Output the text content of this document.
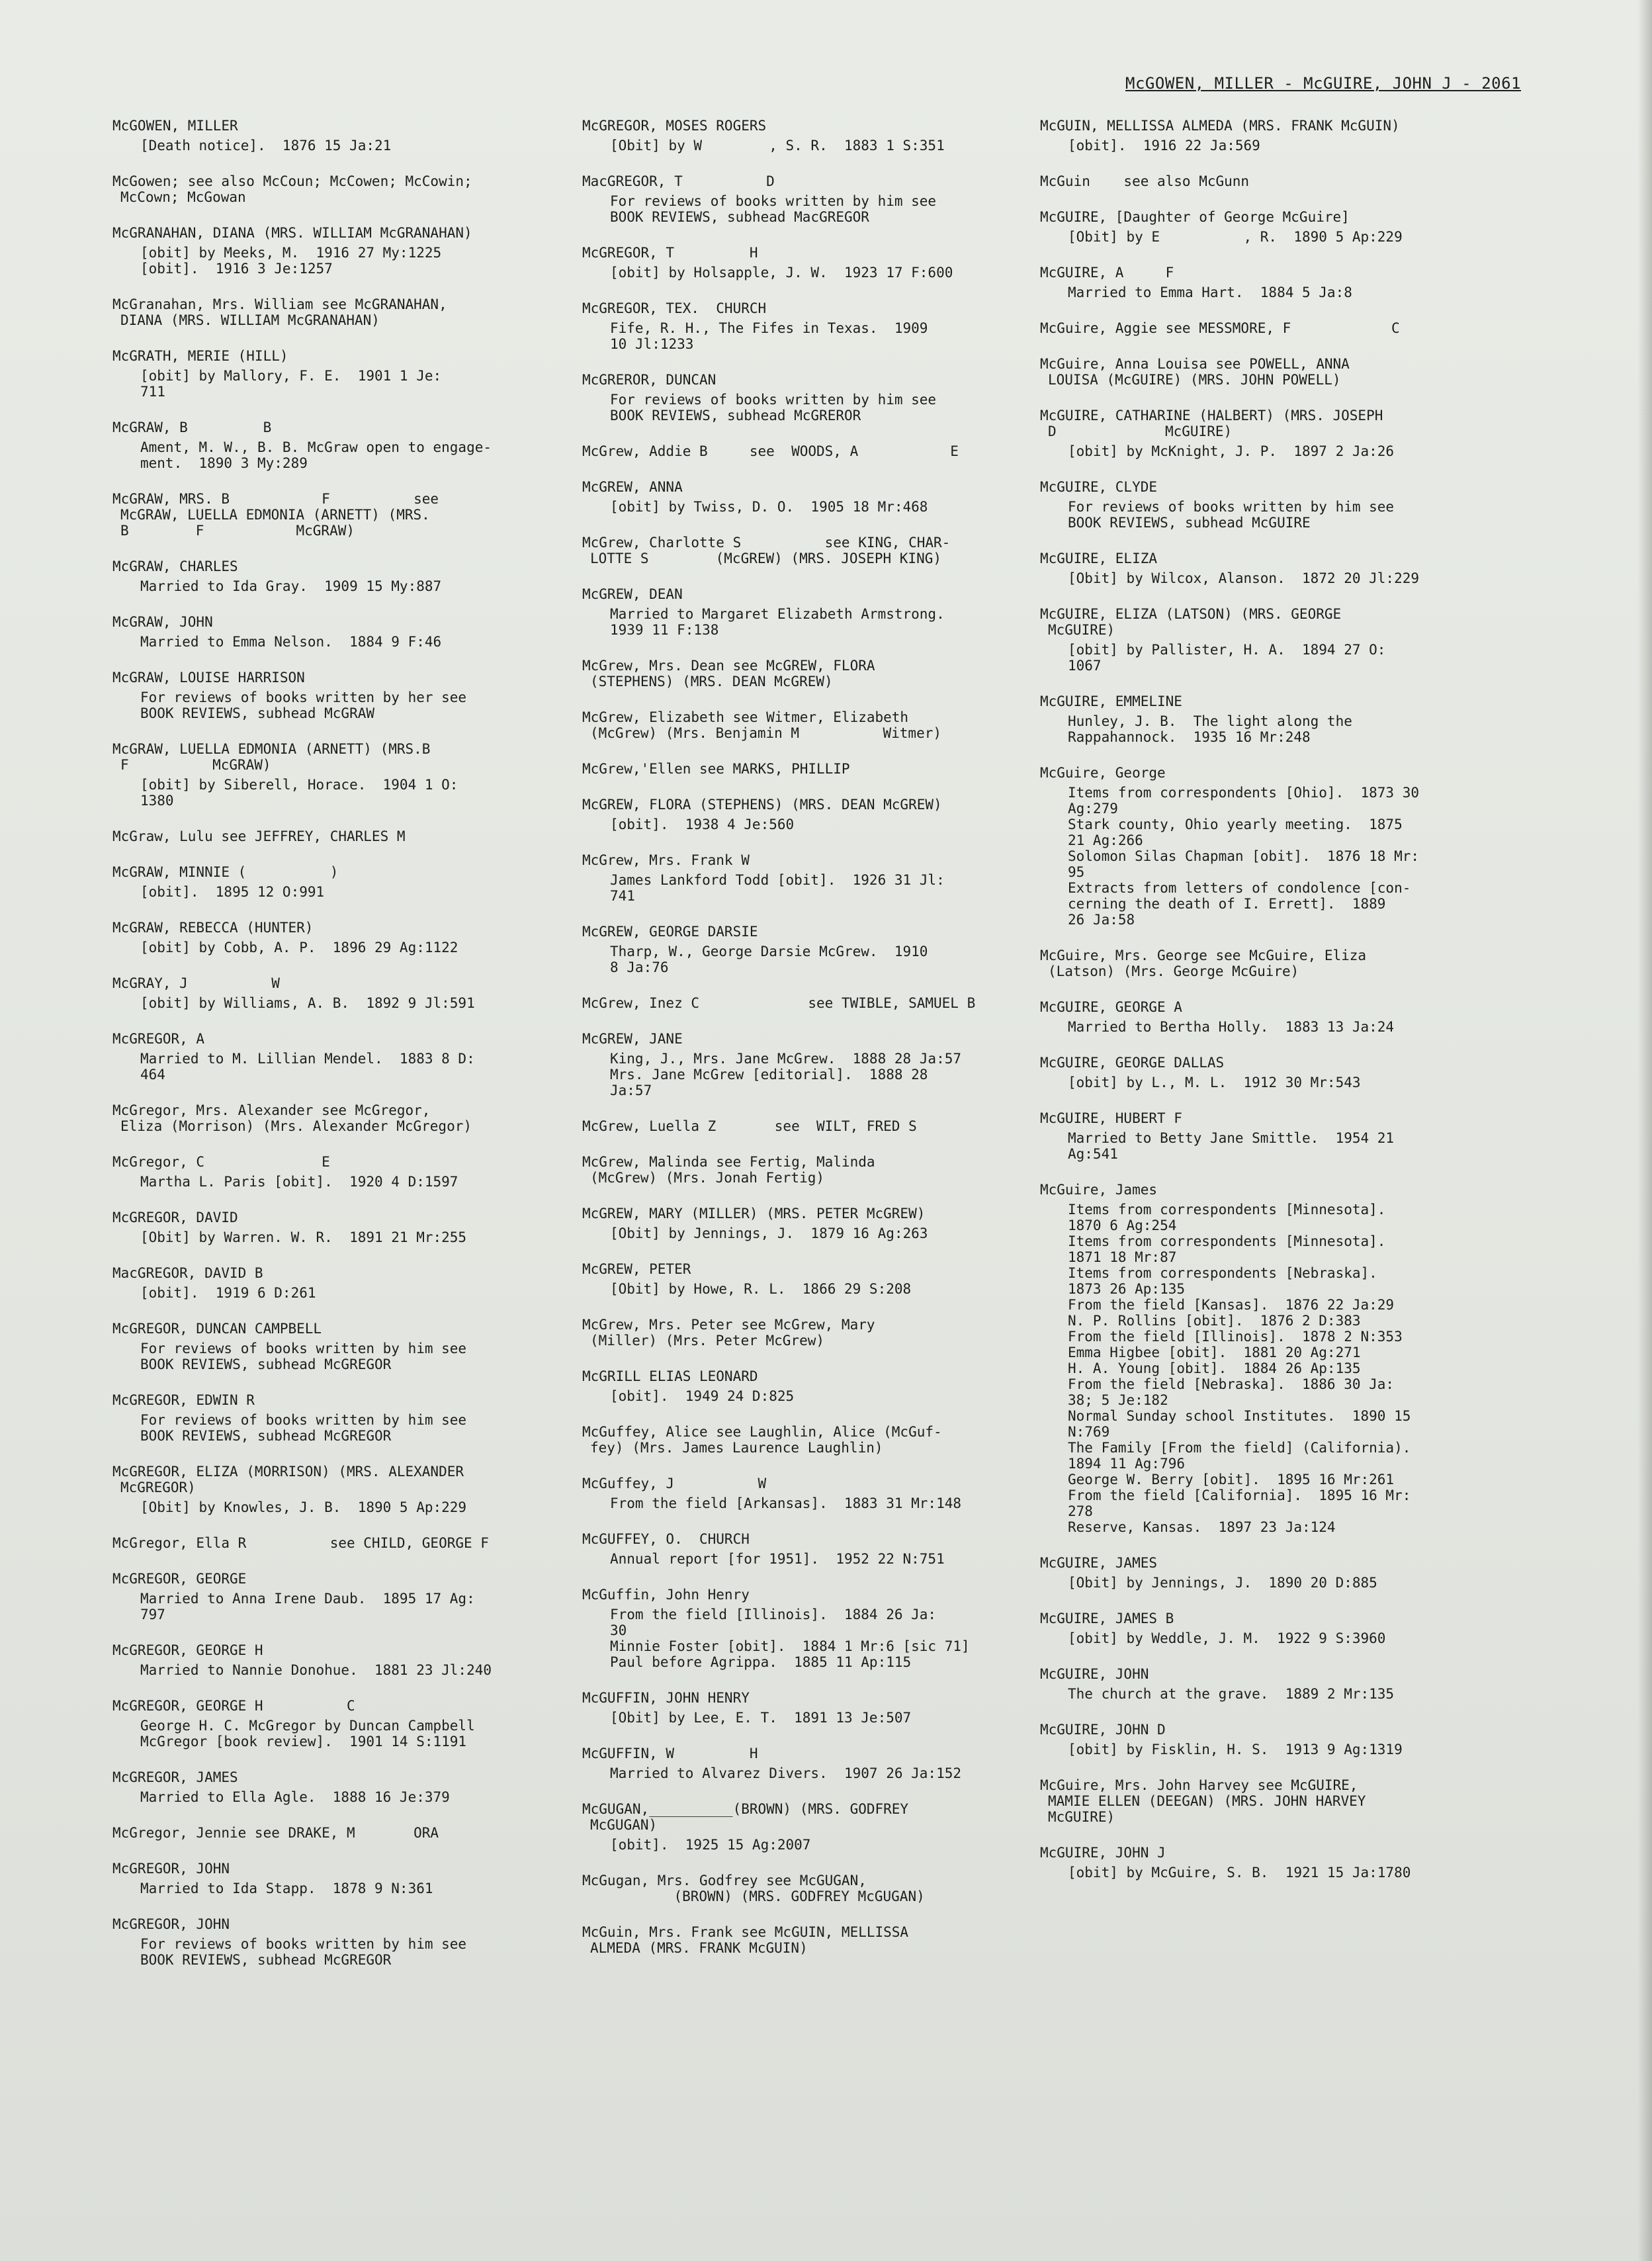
McGOWEN, MILLER - McGUIRE, JOHN J - 2061
McGOWEN, MILLER
[Death notice].  1876 15 Ja:21
McGowen; see also McCoun; McCowen; McCowin;
McCown; McGowan
McGRANAHAN, DIANA (MRS. WILLIAM McGRANAHAN)
[obit] by Meeks, M.  1916 27 My:1225
[obit].  1916 3 Je:1257
McGranahan, Mrs. William see McGRANAHAN,
DIANA (MRS. WILLIAM McGRANAHAN)
McGRATH, MERIE (HILL)
[obit] by Mallory, F. E.  1901 1 Je:
711
McGRAW, B         B
Ament, M. W., B. B. McGraw open to engage-
ment.  1890 3 My:289
McGRAW, MRS. B           F          see
McGRAW, LUELLA EDMONIA (ARNETT) (MRS.
B        F           McGRAW)
McGRAW, CHARLES
Married to Ida Gray.  1909 15 My:887
McGRAW, JOHN
Married to Emma Nelson.  1884 9 F:46
McGRAW, LOUISE HARRISON
For reviews of books written by her see
BOOK REVIEWS, subhead McGRAW
McGRAW, LUELLA EDMONIA (ARNETT) (MRS.B
F          McGRAW)
[obit] by Siberell, Horace.  1904 1 O:
1380
McGraw, Lulu see JEFFREY, CHARLES M
McGRAW, MINNIE (          )
[obit].  1895 12 O:991
McGRAW, REBECCA (HUNTER)
[obit] by Cobb, A. P.  1896 29 Ag:1122
McGRAY, J          W
[obit] by Williams, A. B.  1892 9 Jl:591
McGREGOR, A
Married to M. Lillian Mendel.  1883 8 D:
464
McGregor, Mrs. Alexander see McGregor,
Eliza (Morrison) (Mrs. Alexander McGregor)
McGregor, C              E
Martha L. Paris [obit].  1920 4 D:1597
McGREGOR, DAVID
[Obit] by Warren. W. R.  1891 21 Mr:255
MacGREGOR, DAVID B
[obit].  1919 6 D:261
McGREGOR, DUNCAN CAMPBELL
For reviews of books written by him see
BOOK REVIEWS, subhead McGREGOR
McGREGOR, EDWIN R
For reviews of books written by him see
BOOK REVIEWS, subhead McGREGOR
McGREGOR, ELIZA (MORRISON) (MRS. ALEXANDER
McGREGOR)
[Obit] by Knowles, J. B.  1890 5 Ap:229
McGregor, Ella R          see CHILD, GEORGE F
McGREGOR, GEORGE
Married to Anna Irene Daub.  1895 17 Ag:
797
McGREGOR, GEORGE H
Married to Nannie Donohue.  1881 23 Jl:240
McGREGOR, GEORGE H          C
George H. C. McGregor by Duncan Campbell
McGregor [book review].  1901 14 S:1191
McGREGOR, JAMES
Married to Ella Agle.  1888 16 Je:379
McGregor, Jennie see DRAKE, M       ORA
McGREGOR, JOHN
Married to Ida Stapp.  1878 9 N:361
McGREGOR, JOHN
For reviews of books written by him see
BOOK REVIEWS, subhead McGREGOR
McGREGOR, MOSES ROGERS
[Obit] by W        , S. R.  1883 1 S:351
MacGREGOR, T          D
For reviews of books written by him see
BOOK REVIEWS, subhead MacGREGOR
McGREGOR, T         H
[obit] by Holsapple, J. W.  1923 17 F:600
McGREGOR, TEX.  CHURCH
Fife, R. H., The Fifes in Texas.  1909
10 Jl:1233
McGREROR, DUNCAN
For reviews of books written by him see
BOOK REVIEWS, subhead McGREROR
McGrew, Addie B     see  WOODS, A           E
McGREW, ANNA
[obit] by Twiss, D. O.  1905 18 Mr:468
McGrew, Charlotte S          see KING, CHAR-
LOTTE S        (McGREW) (MRS. JOSEPH KING)
McGREW, DEAN
Married to Margaret Elizabeth Armstrong.
1939 11 F:138
McGrew, Mrs. Dean see McGREW, FLORA
(STEPHENS) (MRS. DEAN McGREW)
McGrew, Elizabeth see Witmer, Elizabeth
(McGrew) (Mrs. Benjamin M          Witmer)
McGrew,'Ellen see MARKS, PHILLIP
McGREW, FLORA (STEPHENS) (MRS. DEAN McGREW)
[obit].  1938 4 Je:560
McGrew, Mrs. Frank W
James Lankford Todd [obit].  1926 31 Jl:
741
McGREW, GEORGE DARSIE
Tharp, W., George Darsie McGrew.  1910
8 Ja:76
McGrew, Inez C             see TWIBLE, SAMUEL B
McGREW, JANE
King, J., Mrs. Jane McGrew.  1888 28 Ja:57
Mrs. Jane McGrew [editorial].  1888 28
Ja:57
McGrew, Luella Z       see  WILT, FRED S
McGrew, Malinda see Fertig, Malinda
(McGrew) (Mrs. Jonah Fertig)
McGREW, MARY (MILLER) (MRS. PETER McGREW)
[Obit] by Jennings, J.  1879 16 Ag:263
McGREW, PETER
[Obit] by Howe, R. L.  1866 29 S:208
McGrew, Mrs. Peter see McGrew, Mary
(Miller) (Mrs. Peter McGrew)
McGRILL ELIAS LEONARD
[obit].  1949 24 D:825
McGuffey, Alice see Laughlin, Alice (McGuf-
fey) (Mrs. James Laurence Laughlin)
McGuffey, J          W
From the field [Arkansas].  1883 31 Mr:148
McGUFFEY, O.  CHURCH
Annual report [for 1951].  1952 22 N:751
McGuffin, John Henry
From the field [Illinois].  1884 26 Ja:
30
Minnie Foster [obit].  1884 1 Mr:6 [sic 71]
Paul before Agrippa.  1885 11 Ap:115
McGUFFIN, JOHN HENRY
[Obit] by Lee, E. T.  1891 13 Je:507
McGUFFIN, W         H
Married to Alvarez Divers.  1907 26 Ja:152
McGUGAN,__________(BROWN) (MRS. GODFREY
McGUGAN)
[obit].  1925 15 Ag:2007
McGugan, Mrs. Godfrey see McGUGAN,
(BROWN) (MRS. GODFREY McGUGAN)
McGuin, Mrs. Frank see McGUIN, MELLISSA
ALMEDA (MRS. FRANK McGUIN)
McGUIN, MELLISSA ALMEDA (MRS. FRANK McGUIN)
[obit].  1916 22 Ja:569
McGuin    see also McGunn
McGUIRE, [Daughter of George McGuire]
[Obit] by E          , R.  1890 5 Ap:229
McGUIRE, A     F
Married to Emma Hart.  1884 5 Ja:8
McGuire, Aggie see MESSMORE, F            C
McGuire, Anna Louisa see POWELL, ANNA
LOUISA (McGUIRE) (MRS. JOHN POWELL)
McGUIRE, CATHARINE (HALBERT) (MRS. JOSEPH
D             McGUIRE)
[obit] by McKnight, J. P.  1897 2 Ja:26
McGUIRE, CLYDE
For reviews of books written by him see
BOOK REVIEWS, subhead McGUIRE
McGUIRE, ELIZA
[Obit] by Wilcox, Alanson.  1872 20 Jl:229
McGUIRE, ELIZA (LATSON) (MRS. GEORGE
McGUIRE)
[obit] by Pallister, H. A.  1894 27 O:
1067
McGUIRE, EMMELINE
Hunley, J. B.  The light along the
Rappahannock.  1935 16 Mr:248
McGuire, George
Items from correspondents [Ohio].  1873 30
Ag:279
Stark county, Ohio yearly meeting.  1875
21 Ag:266
Solomon Silas Chapman [obit].  1876 18 Mr:
95
Extracts from letters of condolence [con-
cerning the death of I. Errett].  1889
26 Ja:58
McGuire, Mrs. George see McGuire, Eliza
(Latson) (Mrs. George McGuire)
McGUIRE, GEORGE A
Married to Bertha Holly.  1883 13 Ja:24
McGUIRE, GEORGE DALLAS
[obit] by L., M. L.  1912 30 Mr:543
McGUIRE, HUBERT F
Married to Betty Jane Smittle.  1954 21
Ag:541
McGuire, James
Items from correspondents [Minnesota].
1870 6 Ag:254
Items from correspondents [Minnesota].
1871 18 Mr:87
Items from correspondents [Nebraska].
1873 26 Ap:135
From the field [Kansas].  1876 22 Ja:29
N. P. Rollins [obit].  1876 2 D:383
From the field [Illinois].  1878 2 N:353
Emma Higbee [obit].  1881 20 Ag:271
H. A. Young [obit].  1884 26 Ap:135
From the field [Nebraska].  1886 30 Ja:
38; 5 Je:182
Normal Sunday school Institutes.  1890 15
N:769
The Family [From the field] (California).
1894 11 Ag:796
George W. Berry [obit].  1895 16 Mr:261
From the field [California].  1895 16 Mr:
278
Reserve, Kansas.  1897 23 Ja:124
McGUIRE, JAMES
[Obit] by Jennings, J.  1890 20 D:885
McGUIRE, JAMES B
[obit] by Weddle, J. M.  1922 9 S:3960
McGUIRE, JOHN
The church at the grave.  1889 2 Mr:135
McGUIRE, JOHN D
[obit] by Fisklin, H. S.  1913 9 Ag:1319
McGuire, Mrs. John Harvey see McGUIRE,
MAMIE ELLEN (DEEGAN) (MRS. JOHN HARVEY
McGUIRE)
McGUIRE, JOHN J
[obit] by McGuire, S. B.  1921 15 Ja:1780
